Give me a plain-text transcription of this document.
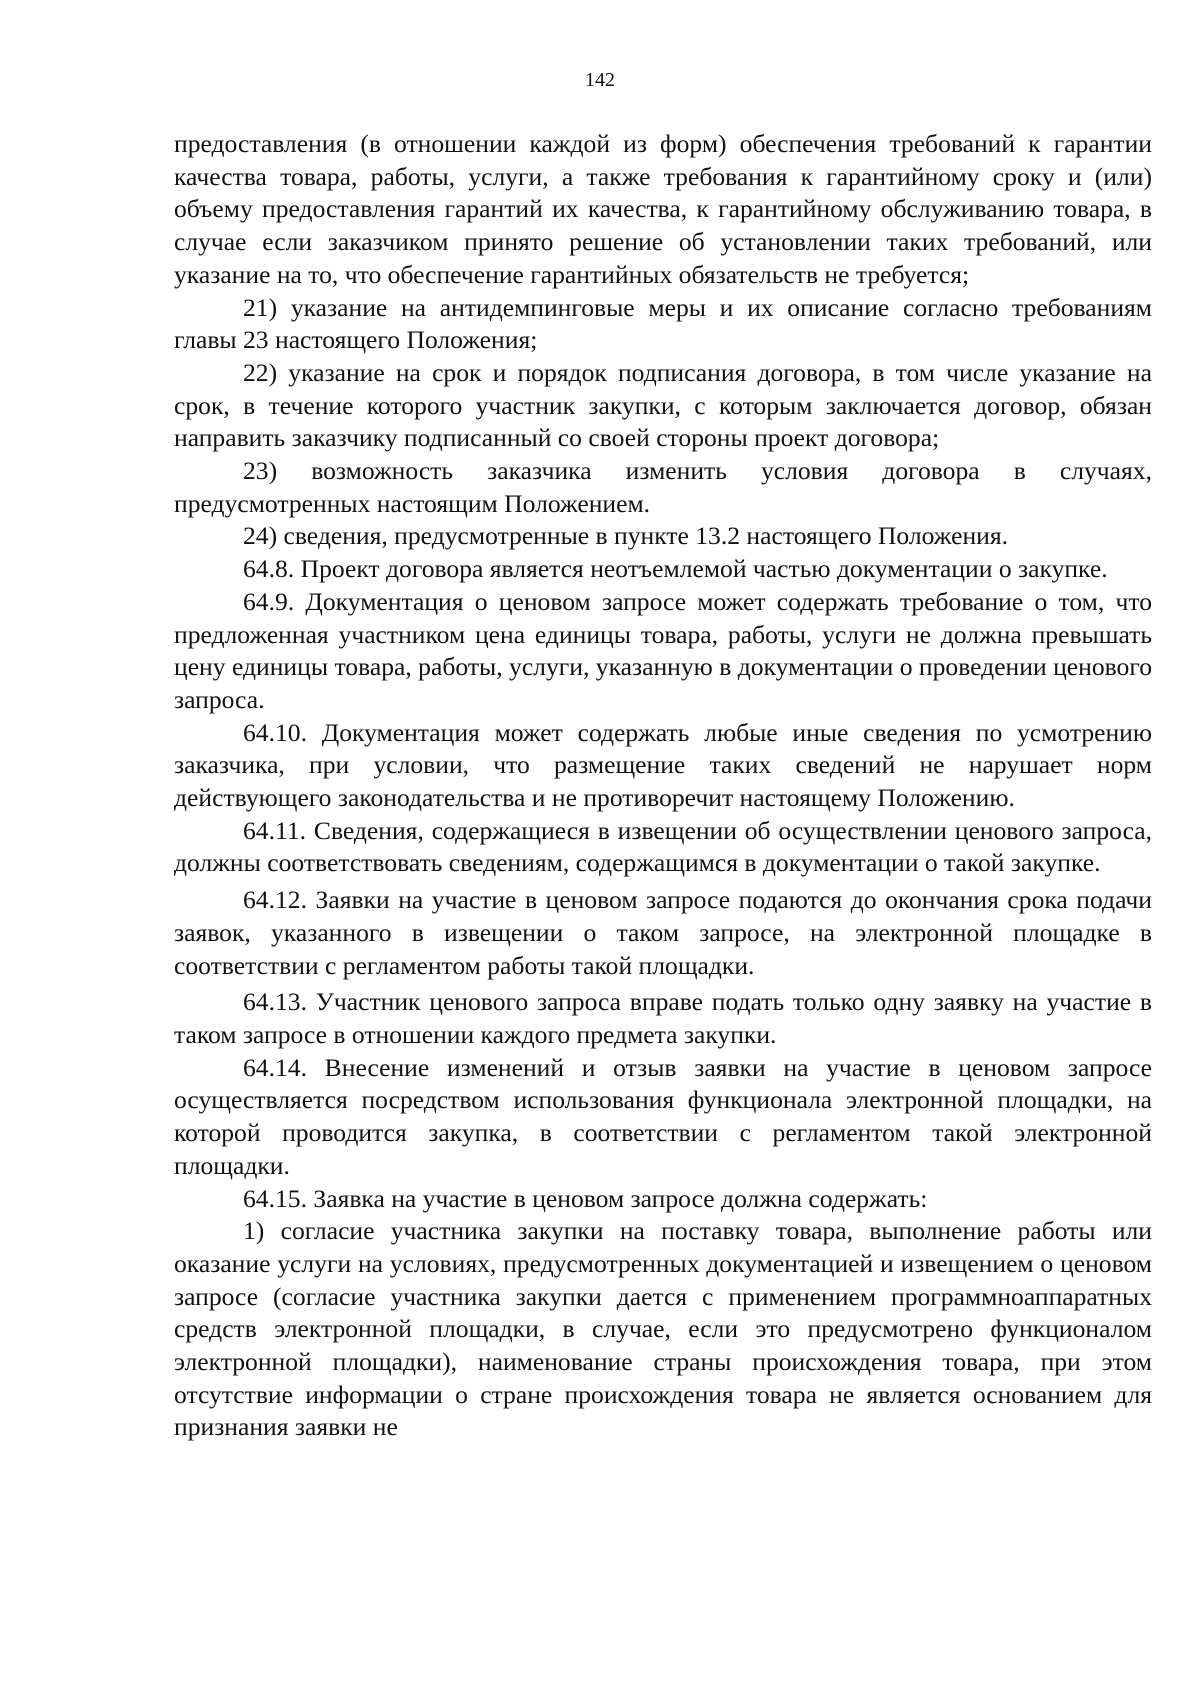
142

предоставления (в отношении каждой из форм) обеспечения требований к гарантии качества товара, работы, услуги, а также требования к гарантийному сроку и (или) объему предоставления гарантий их качества, к гарантийному обслуживанию товара, в случае если заказчиком принято решение об установлении таких требований, или указание на то, что обеспечение гарантийных обязательств не требуется;

21) указание на антидемпинговые меры и их описание согласно требованиям главы 23 настоящего Положения;

22) указание на срок и порядок подписания договора, в том числе указание на срок, в течение которого участник закупки, с которым заключается договор, обязан направить заказчику подписанный со своей стороны проект договора;

23) возможность заказчика изменить условия договора в случаях, предусмотренных настоящим Положением.

24) сведения, предусмотренные в пункте 13.2 настоящего Положения.

64.8. Проект договора является неотъемлемой частью документации о закупке.

64.9. Документация о ценовом запросе может содержать требование о том, что предложенная участником цена единицы товара, работы, услуги не должна превышать цену единицы товара, работы, услуги, указанную в документации о проведении ценового запроса.

64.10. Документация может содержать любые иные сведения по усмотрению заказчика, при условии, что размещение таких сведений не нарушает норм действующего законодательства и не противоречит настоящему Положению.

64.11. Сведения, содержащиеся в извещении об осуществлении ценового запроса, должны соответствовать сведениям, содержащимся в документации о такой закупке.

64.12. Заявки на участие в ценовом запросе подаются до окончания срока подачи заявок, указанного в извещении о таком запросе, на электронной площадке в соответствии с регламентом работы такой площадки.

64.13. Участник ценового запроса вправе подать только одну заявку на участие в таком запросе в отношении каждого предмета закупки.

64.14. Внесение изменений и отзыв заявки на участие в ценовом запросе осуществляется посредством использования функционала электронной площадки, на которой проводится закупка, в соответствии с регламентом такой электронной площадки.

64.15. Заявка на участие в ценовом запросе должна содержать:

1) согласие участника закупки на поставку товара, выполнение работы или оказание услуги на условиях, предусмотренных документацией и извещением о ценовом запросе (согласие участника закупки дается с применением программноаппаратных средств электронной площадки, в случае, если это предусмотрено функционалом электронной площадки), наименование страны происхождения товара, при этом отсутствие информации о стране происхождения товара не является основанием для признания заявки не
